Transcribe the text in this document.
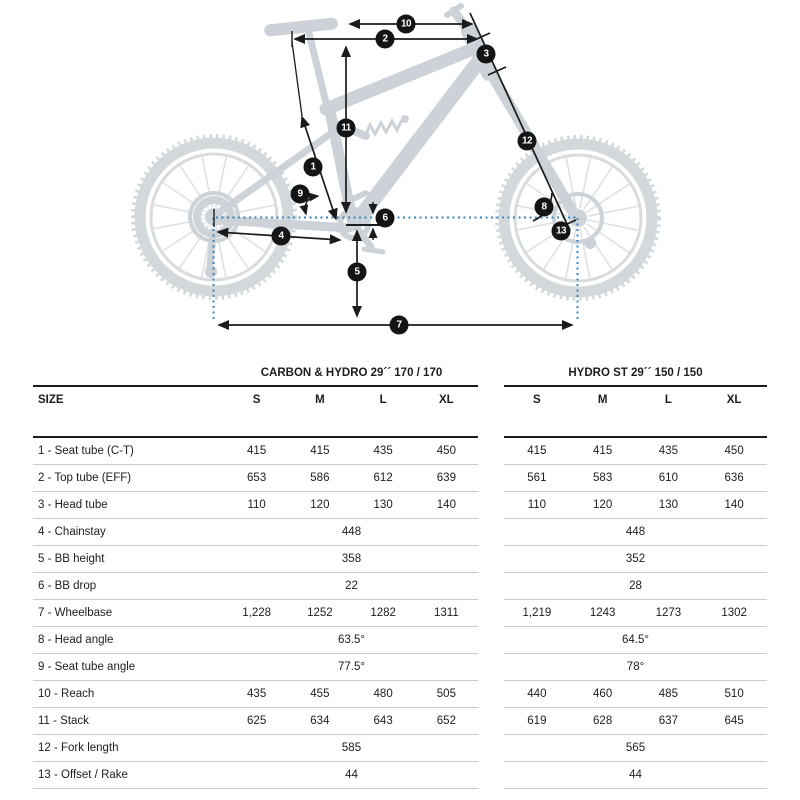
1
2
3
4
5
6
7
8
9
10
11
12
13
CARBON & HYDRO 29´´ 170 / 170
SIZE	S	M	L	XL
1 - Seat tube (C-T)	415	415	435	450
2 - Top tube (EFF)	653	586	612	639
3 - Head tube	110	120	130	140
4 - Chainstay	448
5 - BB height	358
6 - BB drop	22
7 - Wheelbase	1,228	1252	1282	1311
8 - Head angle	63.5°
9 - Seat tube angle	77.5°
10 - Reach	435	455	480	505
11 - Stack	625	634	643	652
12 - Fork length	585
13 - Offset / Rake	44
HYDRO ST 29´´ 150 / 150
S	M	L	XL
415	415	435	450
561	583	610	636
110	120	130	140
448
352
28
1,219	1243	1273	1302
64.5°
78°
440	460	485	510
619	628	637	645
565
44
